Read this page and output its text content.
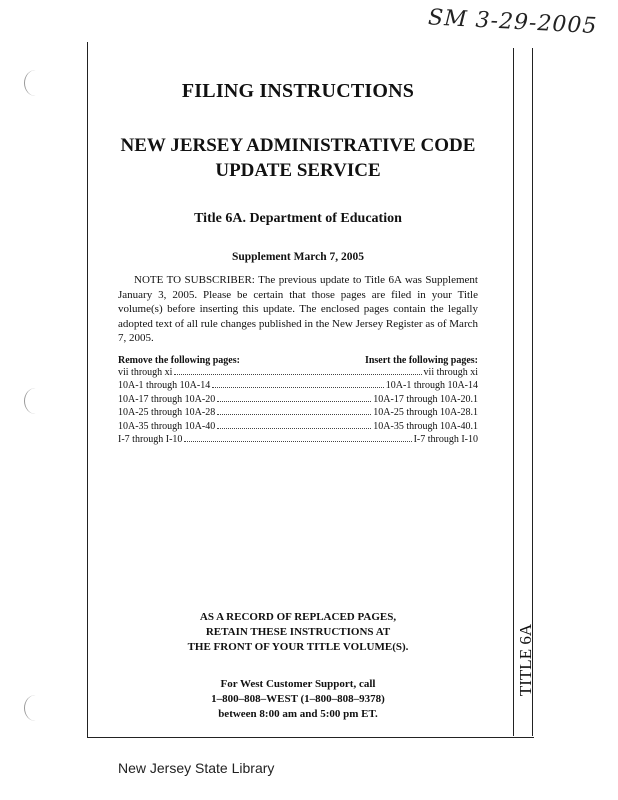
SM 3-29-2005
TITLE 6A
FILING INSTRUCTIONS
NEW JERSEY ADMINISTRATIVE CODE
UPDATE SERVICE
Title 6A. Department of Education
Supplement March 7, 2005

NOTE TO SUBSCRIBER: The previous update to Title 6A was Supplement January 3, 2005. Please be certain that those pages are filed in your Title volume(s) before inserting this update. The enclosed pages contain the legally adopted text of all rule changes published in the New Jersey Register as of March 7, 2005.

Remove the following pages:	Insert the following pages:
vii through xi	vii through xi
10A-1 through 10A-14	10A-1 through 10A-14
10A-17 through 10A-20	10A-17 through 10A-20.1
10A-25 through 10A-28	10A-25 through 10A-28.1
10A-35 through 10A-40	10A-35 through 10A-40.1
I-7 through I-10	I-7 through I-10
AS A RECORD OF REPLACED PAGES,
RETAIN THESE INSTRUCTIONS AT
THE FRONT OF YOUR TITLE VOLUME(S).
For West Customer Support, call
1–800–808–WEST (1–800–808–9378)
between 8:00 am and 5:00 pm ET.
New Jersey State Library
